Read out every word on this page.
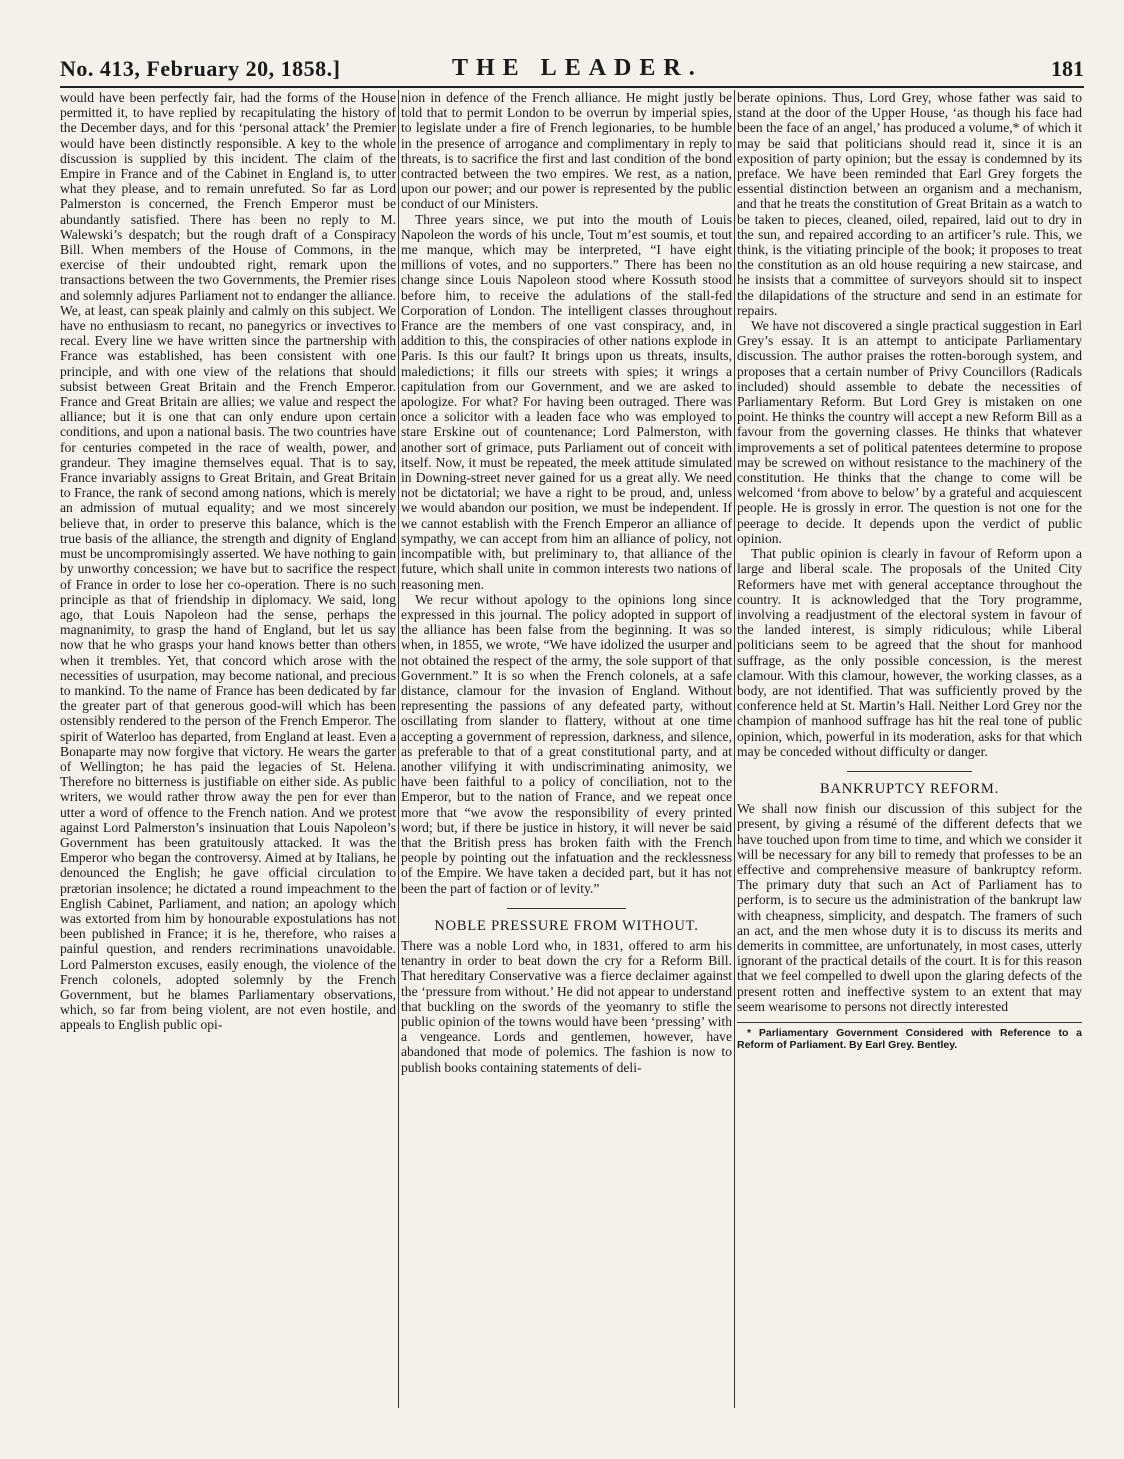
No. 413, February 20, 1858.]	THE LEADER.	181

would have been perfectly fair, had the forms of the House permitted it, to have replied by recapitulating the history of the December days, and for this ‘personal attack’ the Premier would have been distinctly responsible. A key to the whole discussion is supplied by this incident. The claim of the Empire in France and of the Cabinet in England is, to utter what they please, and to remain unrefuted. So far as Lord Palmerston is concerned, the French Emperor must be abundantly satisfied. There has been no reply to M. Walewski’s despatch; but the rough draft of a Conspiracy Bill. When members of the House of Commons, in the exercise of their undoubted right, remark upon the transactions between the two Governments, the Premier rises and solemnly adjures Parliament not to endanger the alliance. We, at least, can speak plainly and calmly on this subject. We have no enthusiasm to recant, no panegyrics or invectives to recal. Every line we have written since the partnership with France was established, has been consistent with one principle, and with one view of the relations that should subsist between Great Britain and the French Emperor. France and Great Britain are allies; we value and respect the alliance; but it is one that can only endure upon certain conditions, and upon a national basis. The two countries have for centuries competed in the race of wealth, power, and grandeur. They imagine themselves equal. That is to say, France invariably assigns to Great Britain, and Great Britain to France, the rank of second among nations, which is merely an admission of mutual equality; and we most sincerely believe that, in order to preserve this balance, which is the true basis of the alliance, the strength and dignity of England must be uncompromisingly asserted. We have nothing to gain by unworthy concession; we have but to sacrifice the respect of France in order to lose her co-operation. There is no such principle as that of friendship in diplomacy. We said, long ago, that Louis Napoleon had the sense, perhaps the magnanimity, to grasp the hand of England, but let us say now that he who grasps your hand knows better than others when it trembles. Yet, that concord which arose with the necessities of usurpation, may become national, and precious to mankind. To the name of France has been dedicated by far the greater part of that generous good-will which has been ostensibly rendered to the person of the French Emperor. The spirit of Waterloo has departed, from England at least. Even a Bonaparte may now forgive that victory. He wears the garter of Wellington; he has paid the legacies of St. Helena. Therefore no bitterness is justifiable on either side. As public writers, we would rather throw away the pen for ever than utter a word of offence to the French nation. And we protest against Lord Palmerston’s insinuation that Louis Napoleon’s Government has been gratuitously attacked. It was the Emperor who began the controversy. Aimed at by Italians, he denounced the English; he gave official circulation to prætorian insolence; he dictated a round impeachment to the English Cabinet, Parliament, and nation; an apology which was extorted from him by honourable expostulations has not been published in France; it is he, therefore, who raises a painful question, and renders recriminations unavoidable. Lord Palmerston excuses, easily enough, the violence of the French colonels, adopted solemnly by the French Government, but he blames Parliamentary observations, which, so far from being violent, are not even hostile, and appeals to English public opi-

nion in defence of the French alliance. He might justly be told that to permit London to be overrun by imperial spies, to legislate under a fire of French legionaries, to be humble in the presence of arrogance and complimentary in reply to threats, is to sacrifice the first and last condition of the bond contracted between the two empires. We rest, as a nation, upon our power; and our power is represented by the public conduct of our Ministers.

Three years since, we put into the mouth of Louis Napoleon the words of his uncle, Tout m’est soumis, et tout me manque, which may be interpreted, “I have eight millions of votes, and no supporters.” There has been no change since Louis Napoleon stood where Kossuth stood before him, to receive the adulations of the stall-fed Corporation of London. The intelligent classes throughout France are the members of one vast conspiracy, and, in addition to this, the conspiracies of other nations explode in Paris. Is this our fault? It brings upon us threats, insults, maledictions; it fills our streets with spies; it wrings a capitulation from our Government, and we are asked to apologize. For what? For having been outraged. There was once a solicitor with a leaden face who was employed to stare Erskine out of countenance; Lord Palmerston, with another sort of grimace, puts Parliament out of conceit with itself. Now, it must be repeated, the meek attitude simulated in Downing-street never gained for us a great ally. We need not be dictatorial; we have a right to be proud, and, unless we would abandon our position, we must be independent. If we cannot establish with the French Emperor an alliance of sympathy, we can accept from him an alliance of policy, not incompatible with, but preliminary to, that alliance of the future, which shall unite in common interests two nations of reasoning men.

We recur without apology to the opinions long since expressed in this journal. The policy adopted in support of the alliance has been false from the beginning. It was so when, in 1855, we wrote, “We have idolized the usurper and not obtained the respect of the army, the sole support of that Government.” It is so when the French colonels, at a safe distance, clamour for the invasion of England. Without representing the passions of any defeated party, without oscillating from slander to flattery, without at one time accepting a government of repression, darkness, and silence, as preferable to that of a great constitutional party, and at another vilifying it with undiscriminating animosity, we have been faithful to a policy of conciliation, not to the Emperor, but to the nation of France, and we repeat once more that “we avow the responsibility of every printed word; but, if there be justice in history, it will never be said that the British press has broken faith with the French people by pointing out the infatuation and the recklessness of the Empire. We have taken a decided part, but it has not been the part of faction or of levity.”

NOBLE PRESSURE FROM WITHOUT.

There was a noble Lord who, in 1831, offered to arm his tenantry in order to beat down the cry for a Reform Bill. That hereditary Conservative was a fierce declaimer against the ‘pressure from without.’ He did not appear to understand that buckling on the swords of the yeomanry to stifle the public opinion of the towns would have been ‘pressing’ with a vengeance. Lords and gentlemen, however, have abandoned that mode of polemics. The fashion is now to publish books containing statements of deli-

berate opinions. Thus, Lord Grey, whose father was said to stand at the door of the Upper House, ‘as though his face had been the face of an angel,’ has produced a volume,* of which it may be said that politicians should read it, since it is an exposition of party opinion; but the essay is condemned by its preface. We have been reminded that Earl Grey forgets the essential distinction between an organism and a mechanism, and that he treats the constitution of Great Britain as a watch to be taken to pieces, cleaned, oiled, repaired, laid out to dry in the sun, and repaired according to an artificer’s rule. This, we think, is the vitiating principle of the book; it proposes to treat the constitution as an old house requiring a new staircase, and he insists that a committee of surveyors should sit to inspect the dilapidations of the structure and send in an estimate for repairs.

We have not discovered a single practical suggestion in Earl Grey’s essay. It is an attempt to anticipate Parliamentary discussion. The author praises the rotten-borough system, and proposes that a certain number of Privy Councillors (Radicals included) should assemble to debate the necessities of Parliamentary Reform. But Lord Grey is mistaken on one point. He thinks the country will accept a new Reform Bill as a favour from the governing classes. He thinks that whatever improvements a set of political patentees determine to propose may be screwed on without resistance to the machinery of the constitution. He thinks that the change to come will be welcomed ‘from above to below’ by a grateful and acquiescent people. He is grossly in error. The question is not one for the peerage to decide. It depends upon the verdict of public opinion.

That public opinion is clearly in favour of Reform upon a large and liberal scale. The proposals of the United City Reformers have met with general acceptance throughout the country. It is acknowledged that the Tory programme, involving a readjustment of the electoral system in favour of the landed interest, is simply ridiculous; while Liberal politicians seem to be agreed that the shout for manhood suffrage, as the only possible concession, is the merest clamour. With this clamour, however, the working classes, as a body, are not identified. That was sufficiently proved by the conference held at St. Martin’s Hall. Neither Lord Grey nor the champion of manhood suffrage has hit the real tone of public opinion, which, powerful in its moderation, asks for that which may be conceded without difficulty or danger.

BANKRUPTCY REFORM.

We shall now finish our discussion of this subject for the present, by giving a résumé of the different defects that we have touched upon from time to time, and which we consider it will be necessary for any bill to remedy that professes to be an effective and comprehensive measure of bankruptcy reform. The primary duty that such an Act of Parliament has to perform, is to secure us the administration of the bankrupt law with cheapness, simplicity, and despatch. The framers of such an act, and the men whose duty it is to discuss its merits and demerits in committee, are unfortunately, in most cases, utterly ignorant of the practical details of the court. It is for this reason that we feel compelled to dwell upon the glaring defects of the present rotten and ineffective system to an extent that may seem wearisome to persons not directly interested

* Parliamentary Government Considered with Reference to a Reform of Parliament. By Earl Grey. Bentley.
